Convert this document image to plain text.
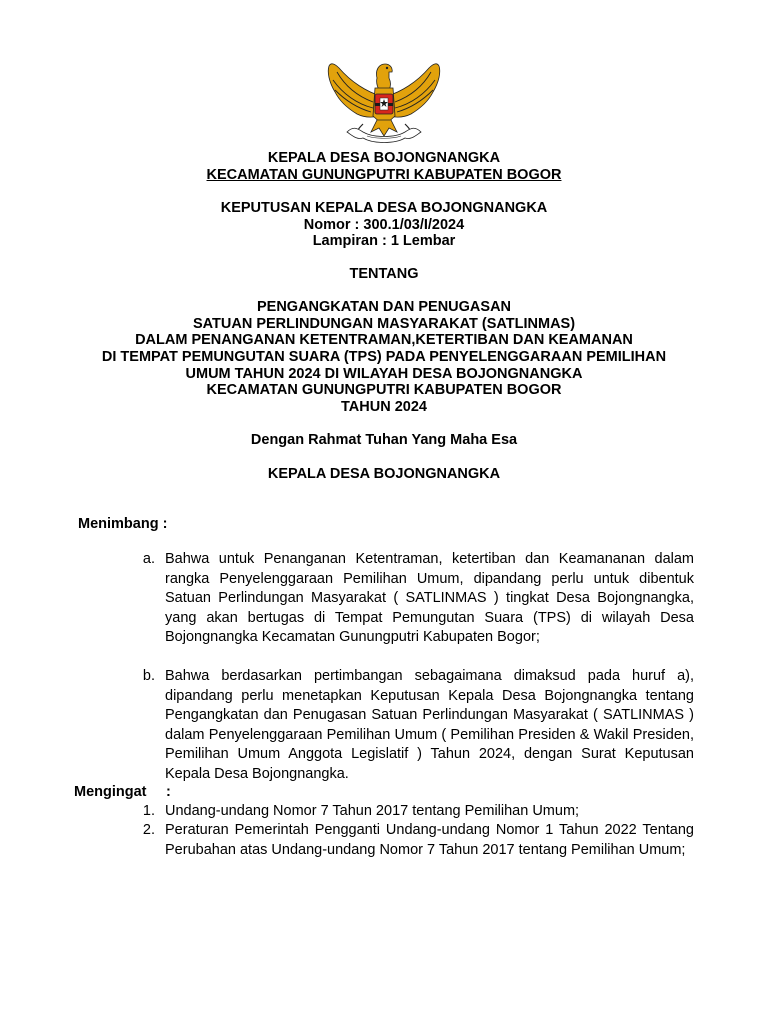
KEPALA DESA BOJONGNANGKA
KECAMATAN GUNUNGPUTRI KABUPATEN BOGOR
KEPUTUSAN KEPALA DESA BOJONGNANGKA
Nomor : 300.1/03/I/2024
Lampiran : 1 Lembar
TENTANG
PENGANGKATAN DAN PENUGASAN
SATUAN PERLINDUNGAN MASYARAKAT (SATLINMAS)
DALAM PENANGANAN KETENTRAMAN,KETERTIBAN DAN KEAMANAN
DI TEMPAT PEMUNGUTAN SUARA (TPS) PADA PENYELENGGARAAN PEMILIHAN
UMUM TAHUN 2024 DI WILAYAH DESA BOJONGNANGKA
KECAMATAN GUNUNGPUTRI KABUPATEN BOGOR
TAHUN 2024
Dengan Rahmat Tuhan Yang Maha Esa
KEPALA DESA BOJONGNANGKA
Menimbang :
a. Bahwa untuk Penanganan Ketentraman, ketertiban dan Keamananan dalam rangka Penyelenggaraan Pemilihan Umum, dipandang perlu untuk dibentuk Satuan Perlindungan Masyarakat ( SATLINMAS ) tingkat Desa Bojongnangka, yang akan bertugas di Tempat Pemungutan Suara (TPS) di wilayah Desa Bojongnangka Kecamatan Gunungputri Kabupaten Bogor;
b. Bahwa berdasarkan pertimbangan sebagaimana dimaksud pada huruf a), dipandang perlu menetapkan Keputusan Kepala Desa Bojongnangka tentang Pengangkatan dan Penugasan Satuan Perlindungan Masyarakat ( SATLINMAS ) dalam Penyelenggaraan Pemilihan Umum ( Pemilihan Presiden & Wakil Presiden, Pemilihan Umum Anggota Legislatif ) Tahun 2024, dengan Surat Keputusan Kepala Desa Bojongnangka.
Mengingat :
1. Undang-undang Nomor 7 Tahun 2017 tentang Pemilihan Umum;
2. Peraturan Pemerintah Pengganti Undang-undang Nomor 1 Tahun 2022 Tentang Perubahan atas Undang-undang Nomor 7 Tahun 2017 tentang Pemilihan Umum;
